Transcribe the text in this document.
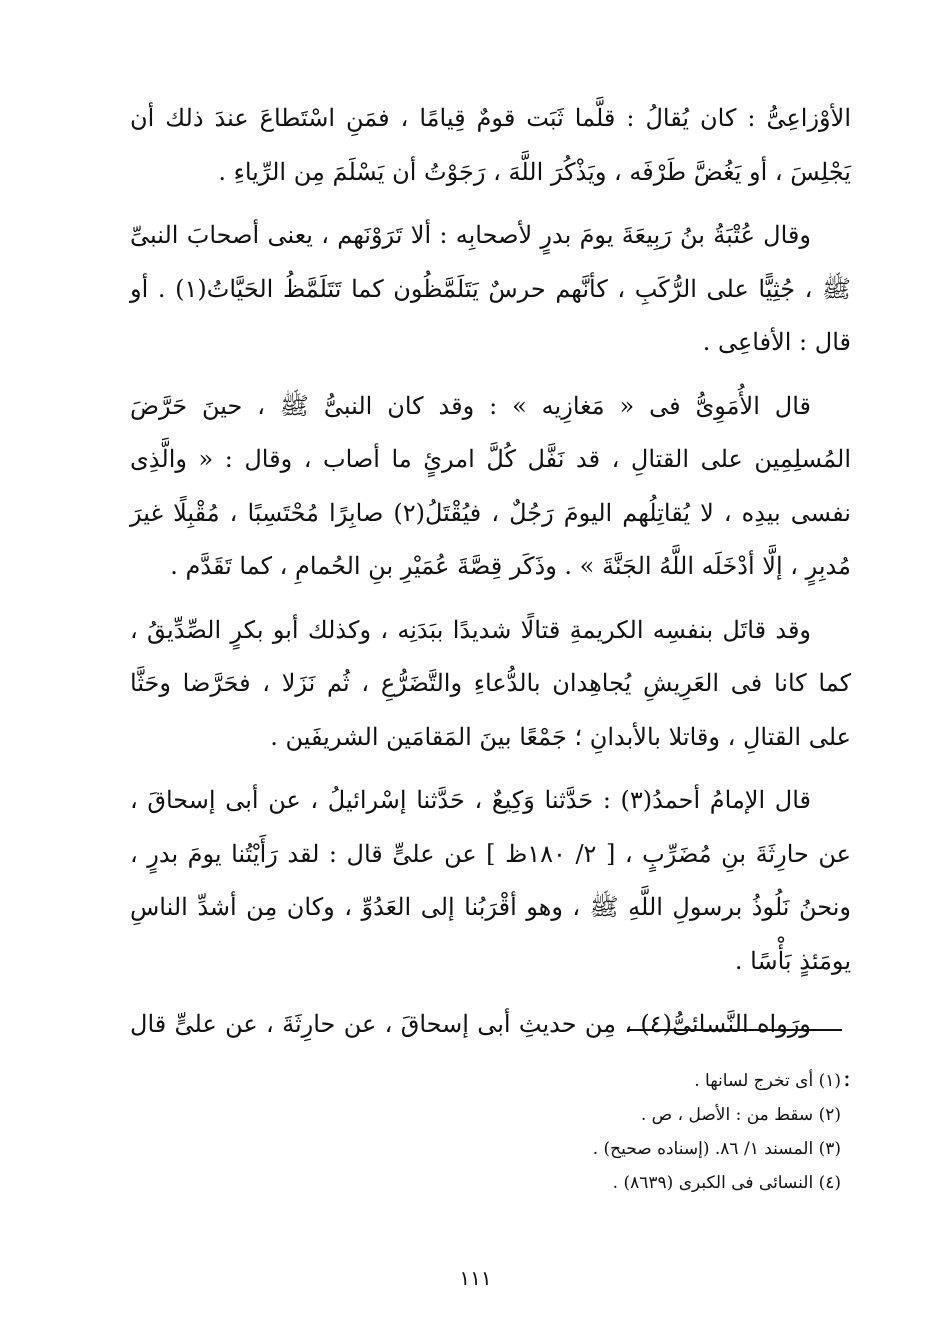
الأوْزاعِىُّ : كان يُقالُ : قلَّما ثَبَت قومٌ قِيامًا ، فمَنِ اسْتَطاعَ عندَ ذلك أن يَجْلِسَ ، أو يَغُضَّ طَرْفَه ، ويَذْكُرَ اللَّهَ ، رَجَوْتُ أن يَسْلَمَ مِن الرِّياءِ .

وقال عُتْبَةُ بنُ رَبِيعَةَ يومَ بدرٍ لأصحابِه : ألا تَرَوْنَهم ، يعنى أصحابَ النبىِّ ﷺ ، جُثِيًّا على الرُّكَبِ ، كأنَّهم حرسٌ يَتَلَمَّظُون كما تَتَلَمَّظُ الحَيَّاتُ(١) . أو قال : الأفاعِى .

قال الأُمَوِىُّ فى « مَغازِيه » : وقد كان النبىُّ ﷺ ، حينَ حَرَّضَ المُسلِمِين على القتالِ ، قد نَفَّل كُلَّ امرئٍ ما أصاب ، وقال : « والَّذِى نفسى بيدِه ، لا يُقاتِلُهم اليومَ رَجُلٌ ، فيُقْتَلُ(٢) صابِرًا مُحْتَسِبًا ، مُقْبِلًا غيرَ مُدبِرٍ ، إلَّا أدْخَلَه اللَّهُ الجَنَّةَ » . وذَكَر قِصَّةَ عُمَيْرِ بنِ الحُمامِ ، كما تَقَدَّم .

وقد قاتَل بنفسِه الكريمةِ قتالًا شديدًا ببَدَنِه ، وكذلك أبو بكرٍ الصِّدِّيقُ ، كما كانا فى العَرِيشِ يُجاهِدان بالدُّعاءِ والتَّضَرُّعِ ، ثُم نَزَلا ، فحَرَّضا وحَثَّا على القتالِ ، وقاتلا بالأبدانِ ؛ جَمْعًا بينَ المَقامَين الشريفَين .

قال الإمامُ أحمدُ(٣) : حَدَّثنا وَكِيعٌ ، حَدَّثنا إسْرائيلُ ، عن أبى إسحاقَ ، عن حارِثَةَ بنِ مُضَرِّبٍ ، [ ٢/ ١٨٠ظ ] عن علىٍّ قال : لقد رَأَيْتُنا يومَ بدرٍ ، ونحنُ نَلُوذُ برسولِ اللَّهِ ﷺ ، وهو أقْرَبُنا إلى العَدُوِّ ، وكان مِن أشدِّ الناسِ يومَئذٍ بَأْسًا .

ورَواه النَّسائىُّ(٤) ، مِن حديثِ أبى إسحاقَ ، عن حارِثَةَ ، عن علىٍّ قال :

(١) أى تخرج لسانها .

(٢) سقط من : الأصل ، ص .

(٣) المسند ١/ ٨٦. (إسناده صحيح) .

(٤) النسائى فى الكبرى (٨٦٣٩) .

١١١
